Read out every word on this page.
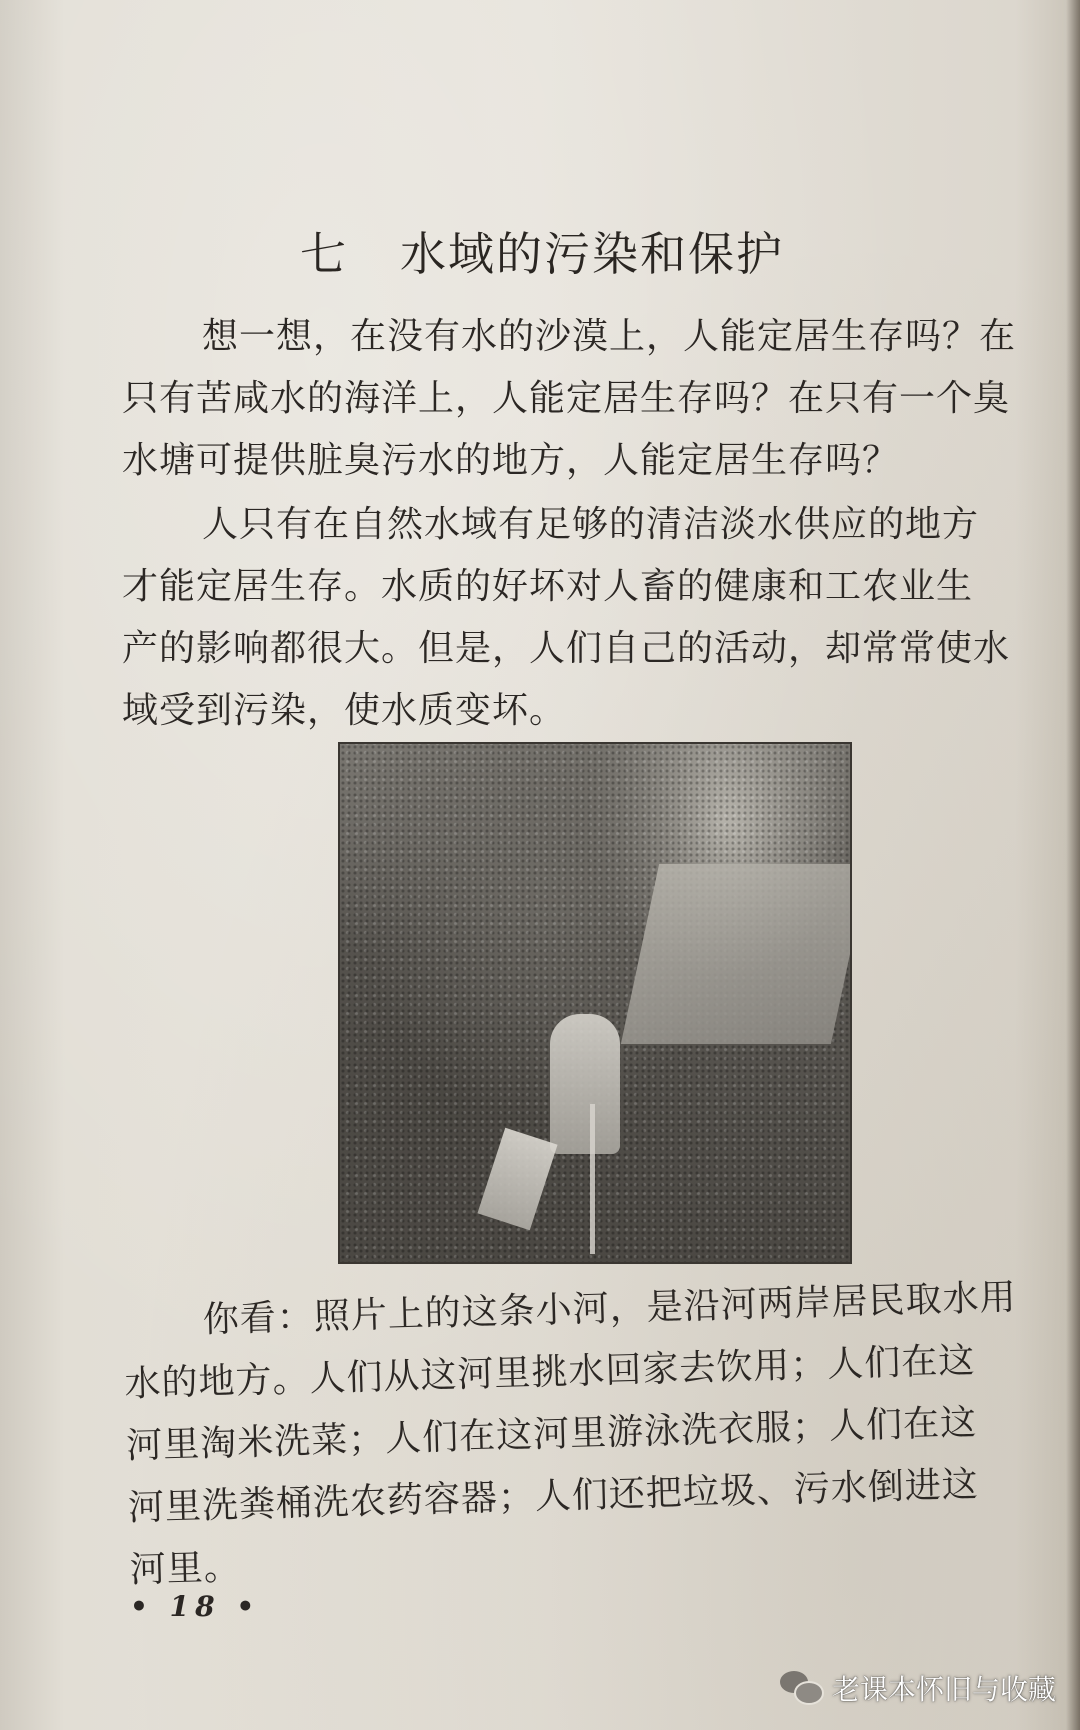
七 水域的污染和保护
想一想，在没有水的沙漠上，人能定居生存吗？在
只有苦咸水的海洋上，人能定居生存吗？在只有一个臭
水塘可提供脏臭污水的地方，人能定居生存吗？
人只有在自然水域有足够的清洁淡水供应的地方
才能定居生存。水质的好坏对人畜的健康和工农业生
产的影响都很大。但是，人们自己的活动，却常常使水
域受到污染，使水质变坏。
你看：照片上的这条小河，是沿河两岸居民取水用
水的地方。人们从这河里挑水回家去饮用；人们在这
河里淘米洗菜；人们在这河里游泳洗衣服；人们在这
河里洗粪桶洗农药容器；人们还把垃圾、污水倒进这
河里。
• 18 •
老课本怀旧与收藏
